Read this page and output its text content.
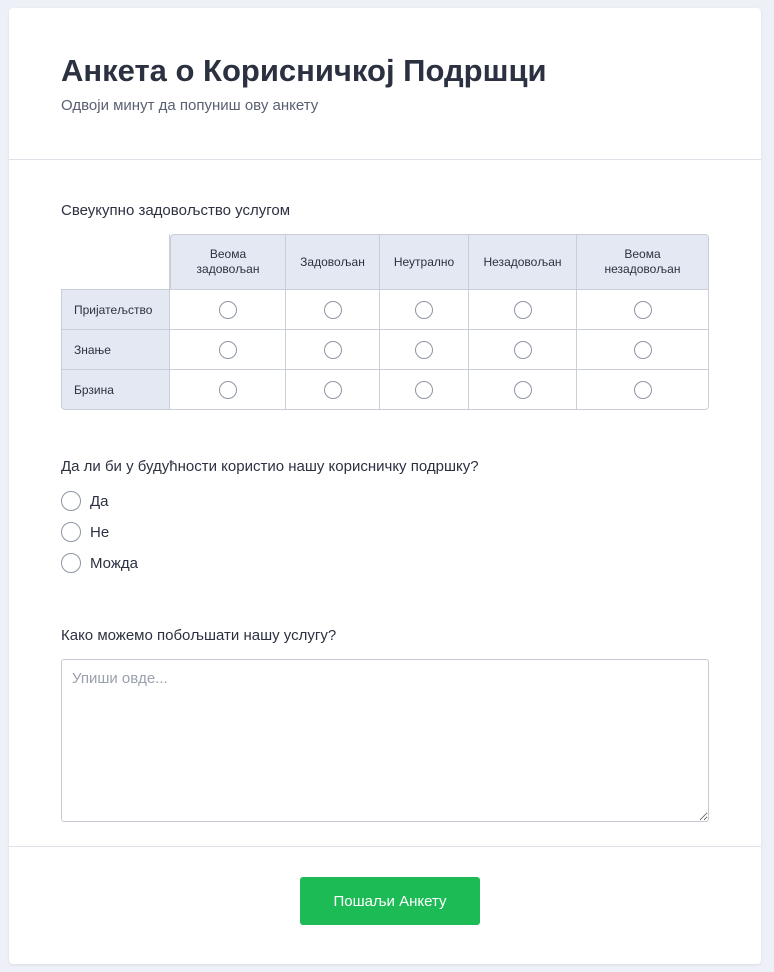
Анкета о Корисничкој Подршци
Одвоји минут да попуниш ову анкету
Свеукупно задовољство услугом
	Веома задовољан	Задовољан	Неутрално	Незадовољан	Веома незадовољан
Пријатељство					
Знање					
Брзина					
Да ли би у будућности користио нашу корисничку подршку?
Да
Не
Можда
Како можемо побољшати нашу услугу?
Упиши овде...
Пошаљи Анкету
